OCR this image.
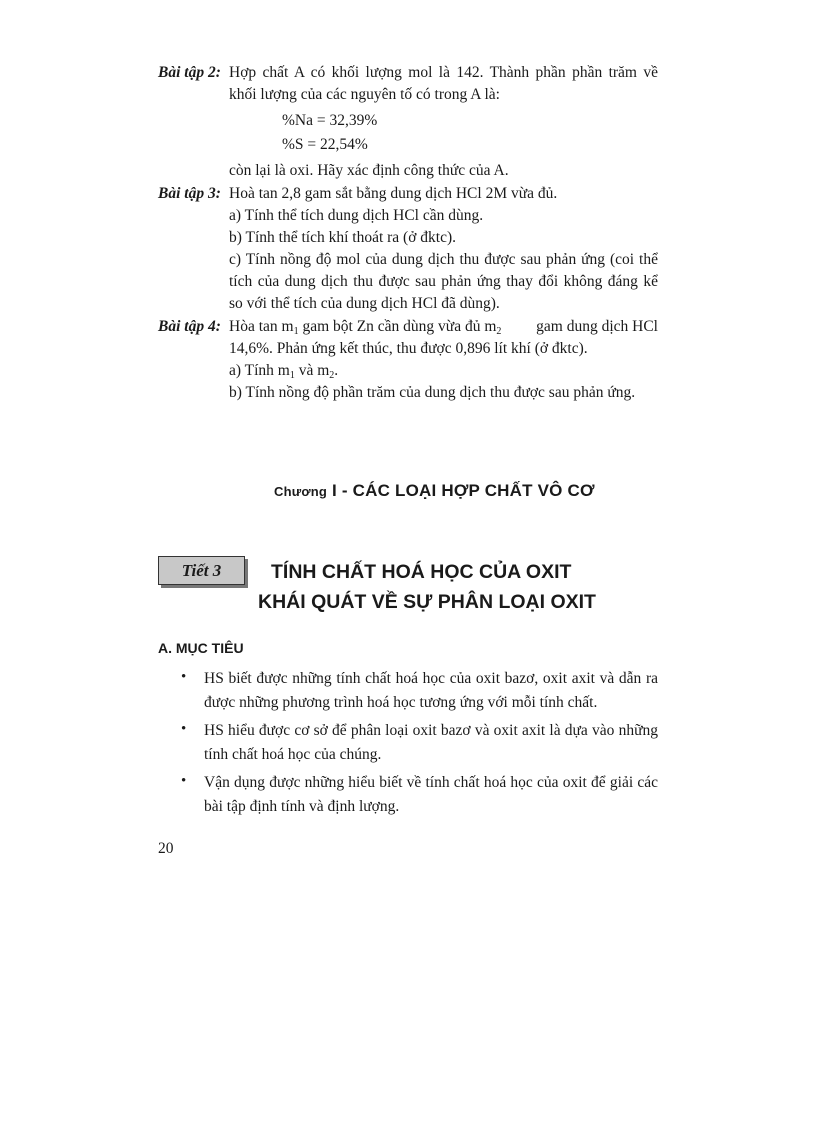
Bài tập 2: Hợp chất A có khối lượng mol là 142. Thành phần phần trăm về
khối lượng của các nguyên tố có trong A là:
%Na = 32,39%
%S = 22,54%
còn lại là oxi. Hãy xác định công thức của A.
Bài tập 3: Hoà tan 2,8 gam sắt bằng dung dịch HCl 2M vừa đủ.
a) Tính thể tích dung dịch HCl cần dùng.
b) Tính thể tích khí thoát ra (ở đktc).
c) Tính nồng độ mol của dung dịch thu được sau phản ứng (coi thể
tích của dung dịch thu được sau phản ứng thay đổi không đáng kể
so với thể tích của dung dịch HCl đã dùng).
Bài tập 4: Hòa $\tan m_1$ gam bột Zn cần dùng vừa đủ $m_2$ gam dung dịch HCl
14,6%. Phản ứng kết thúc, thu được 0,896 lít khí (ở đktc).
a) Tính $m_1$ và $m_2$.
b) Tính nồng độ phần trăm của dung dịch thu được sau phản ứng.
Chương I - CÁC LOẠI HỢP CHẤT VÔ CƠ
Tiết 3	TÍNH CHẤT HOÁ HỌC CỦA OXIT
KHÁI QUÁT VỀ SỰ PHÂN LOẠI OXIT
A. MỤC TIÊU
• HS biết được những tính chất hoá học của oxit bazơ, oxit axit và dẫn ra
được những phương trình hoá học tương ứng với mỗi tính chất.
• HS hiểu được cơ sở để phân loại oxit bazơ và oxit axit là dựa vào những
tính chất hoá học của chúng.
• Vận dụng được những hiểu biết về tính chất hoá học của oxit để giải các
bài tập định tính và định lượng.
20
